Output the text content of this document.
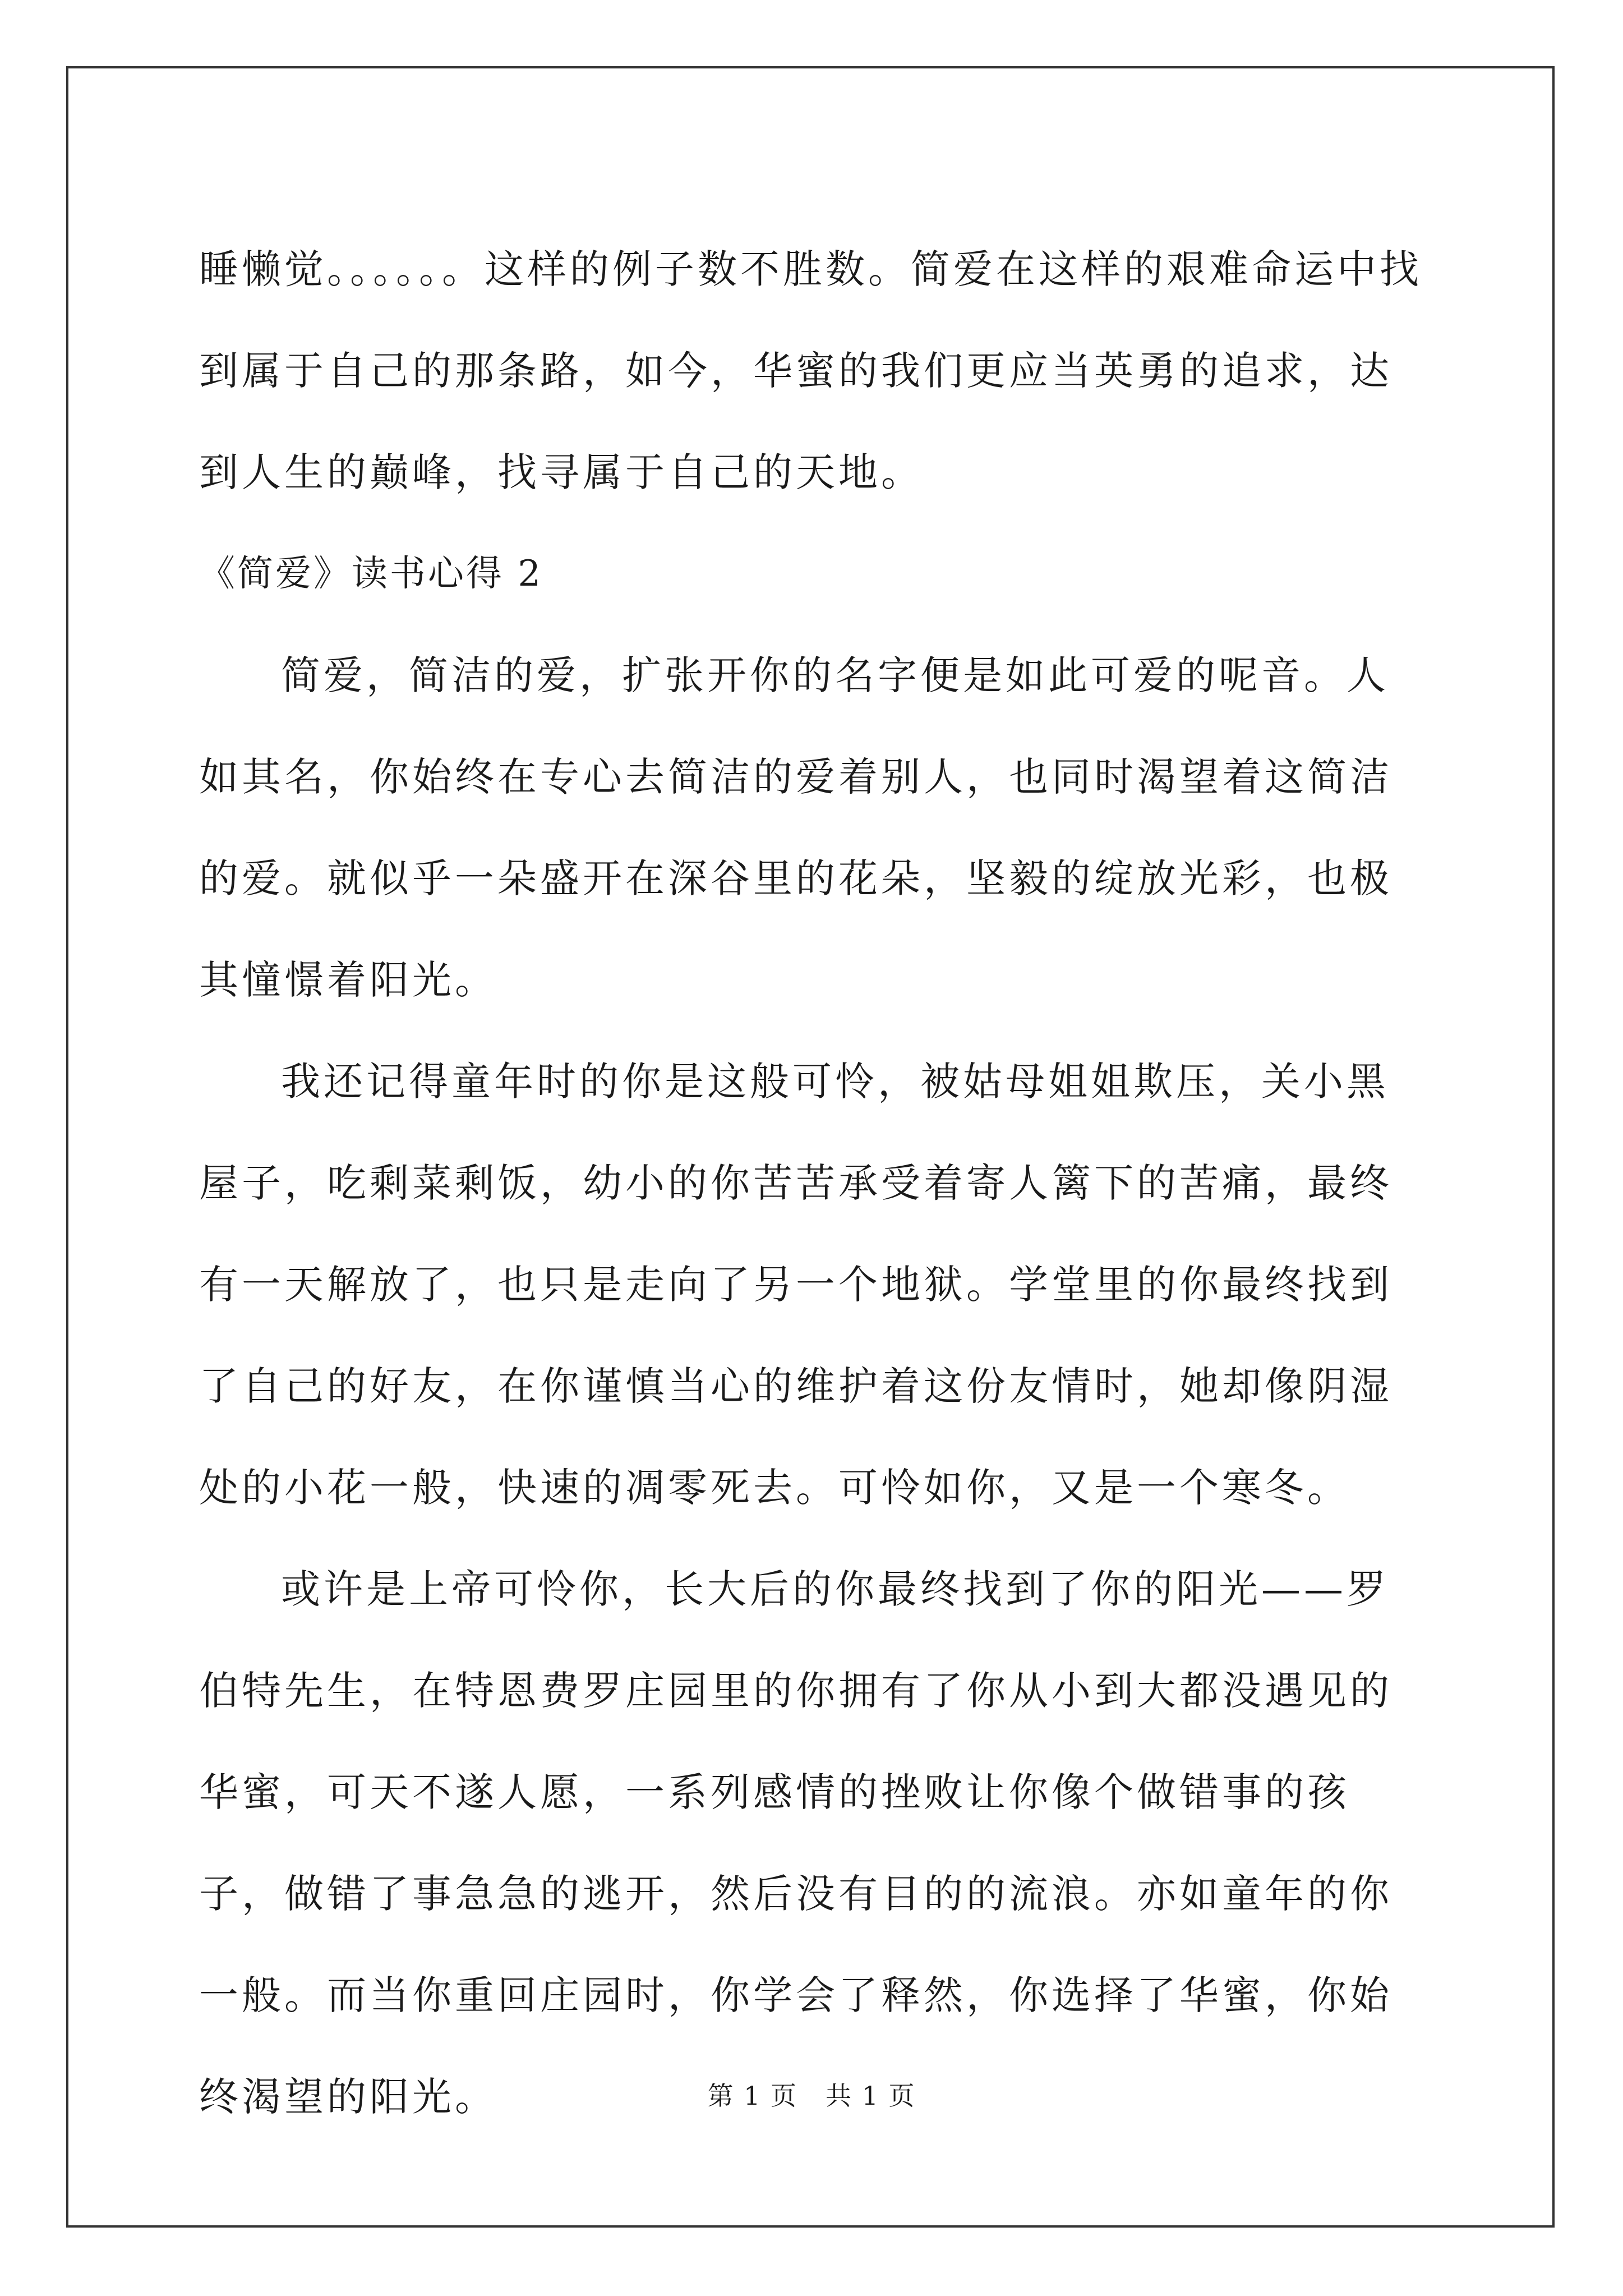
睡懒觉。。。。。。这样的例子数不胜数。简爱在这样的艰难命运中找到属于自己的那条路，如今，华蜜的我们更应当英勇的追求，达到人生的巅峰，找寻属于自己的天地。

《简爱》读书心得 2

简爱，简洁的爱，扩张开你的名字便是如此可爱的呢音。人如其名，你始终在专心去简洁的爱着别人，也同时渴望着这简洁的爱。就似乎一朵盛开在深谷里的花朵，坚毅的绽放光彩，也极其憧憬着阳光。

我还记得童年时的你是这般可怜，被姑母姐姐欺压，关小黑屋子，吃剩菜剩饭，幼小的你苦苦承受着寄人篱下的苦痛，最终有一天解放了，也只是走向了另一个地狱。学堂里的你最终找到了自己的好友，在你谨慎当心的维护着这份友情时，她却像阴湿处的小花一般，快速的凋零死去。可怜如你，又是一个寒冬。

或许是上帝可怜你，长大后的你最终找到了你的阳光——罗伯特先生，在特恩费罗庄园里的你拥有了你从小到大都没遇见的华蜜，可天不遂人愿，一系列感情的挫败让你像个做错事的孩子，做错了事急急的逃开，然后没有目的的流浪。亦如童年的你一般。而当你重回庄园时，你学会了释然，你选择了华蜜，你始终渴望的阳光。	第 1 页 共 1 页
